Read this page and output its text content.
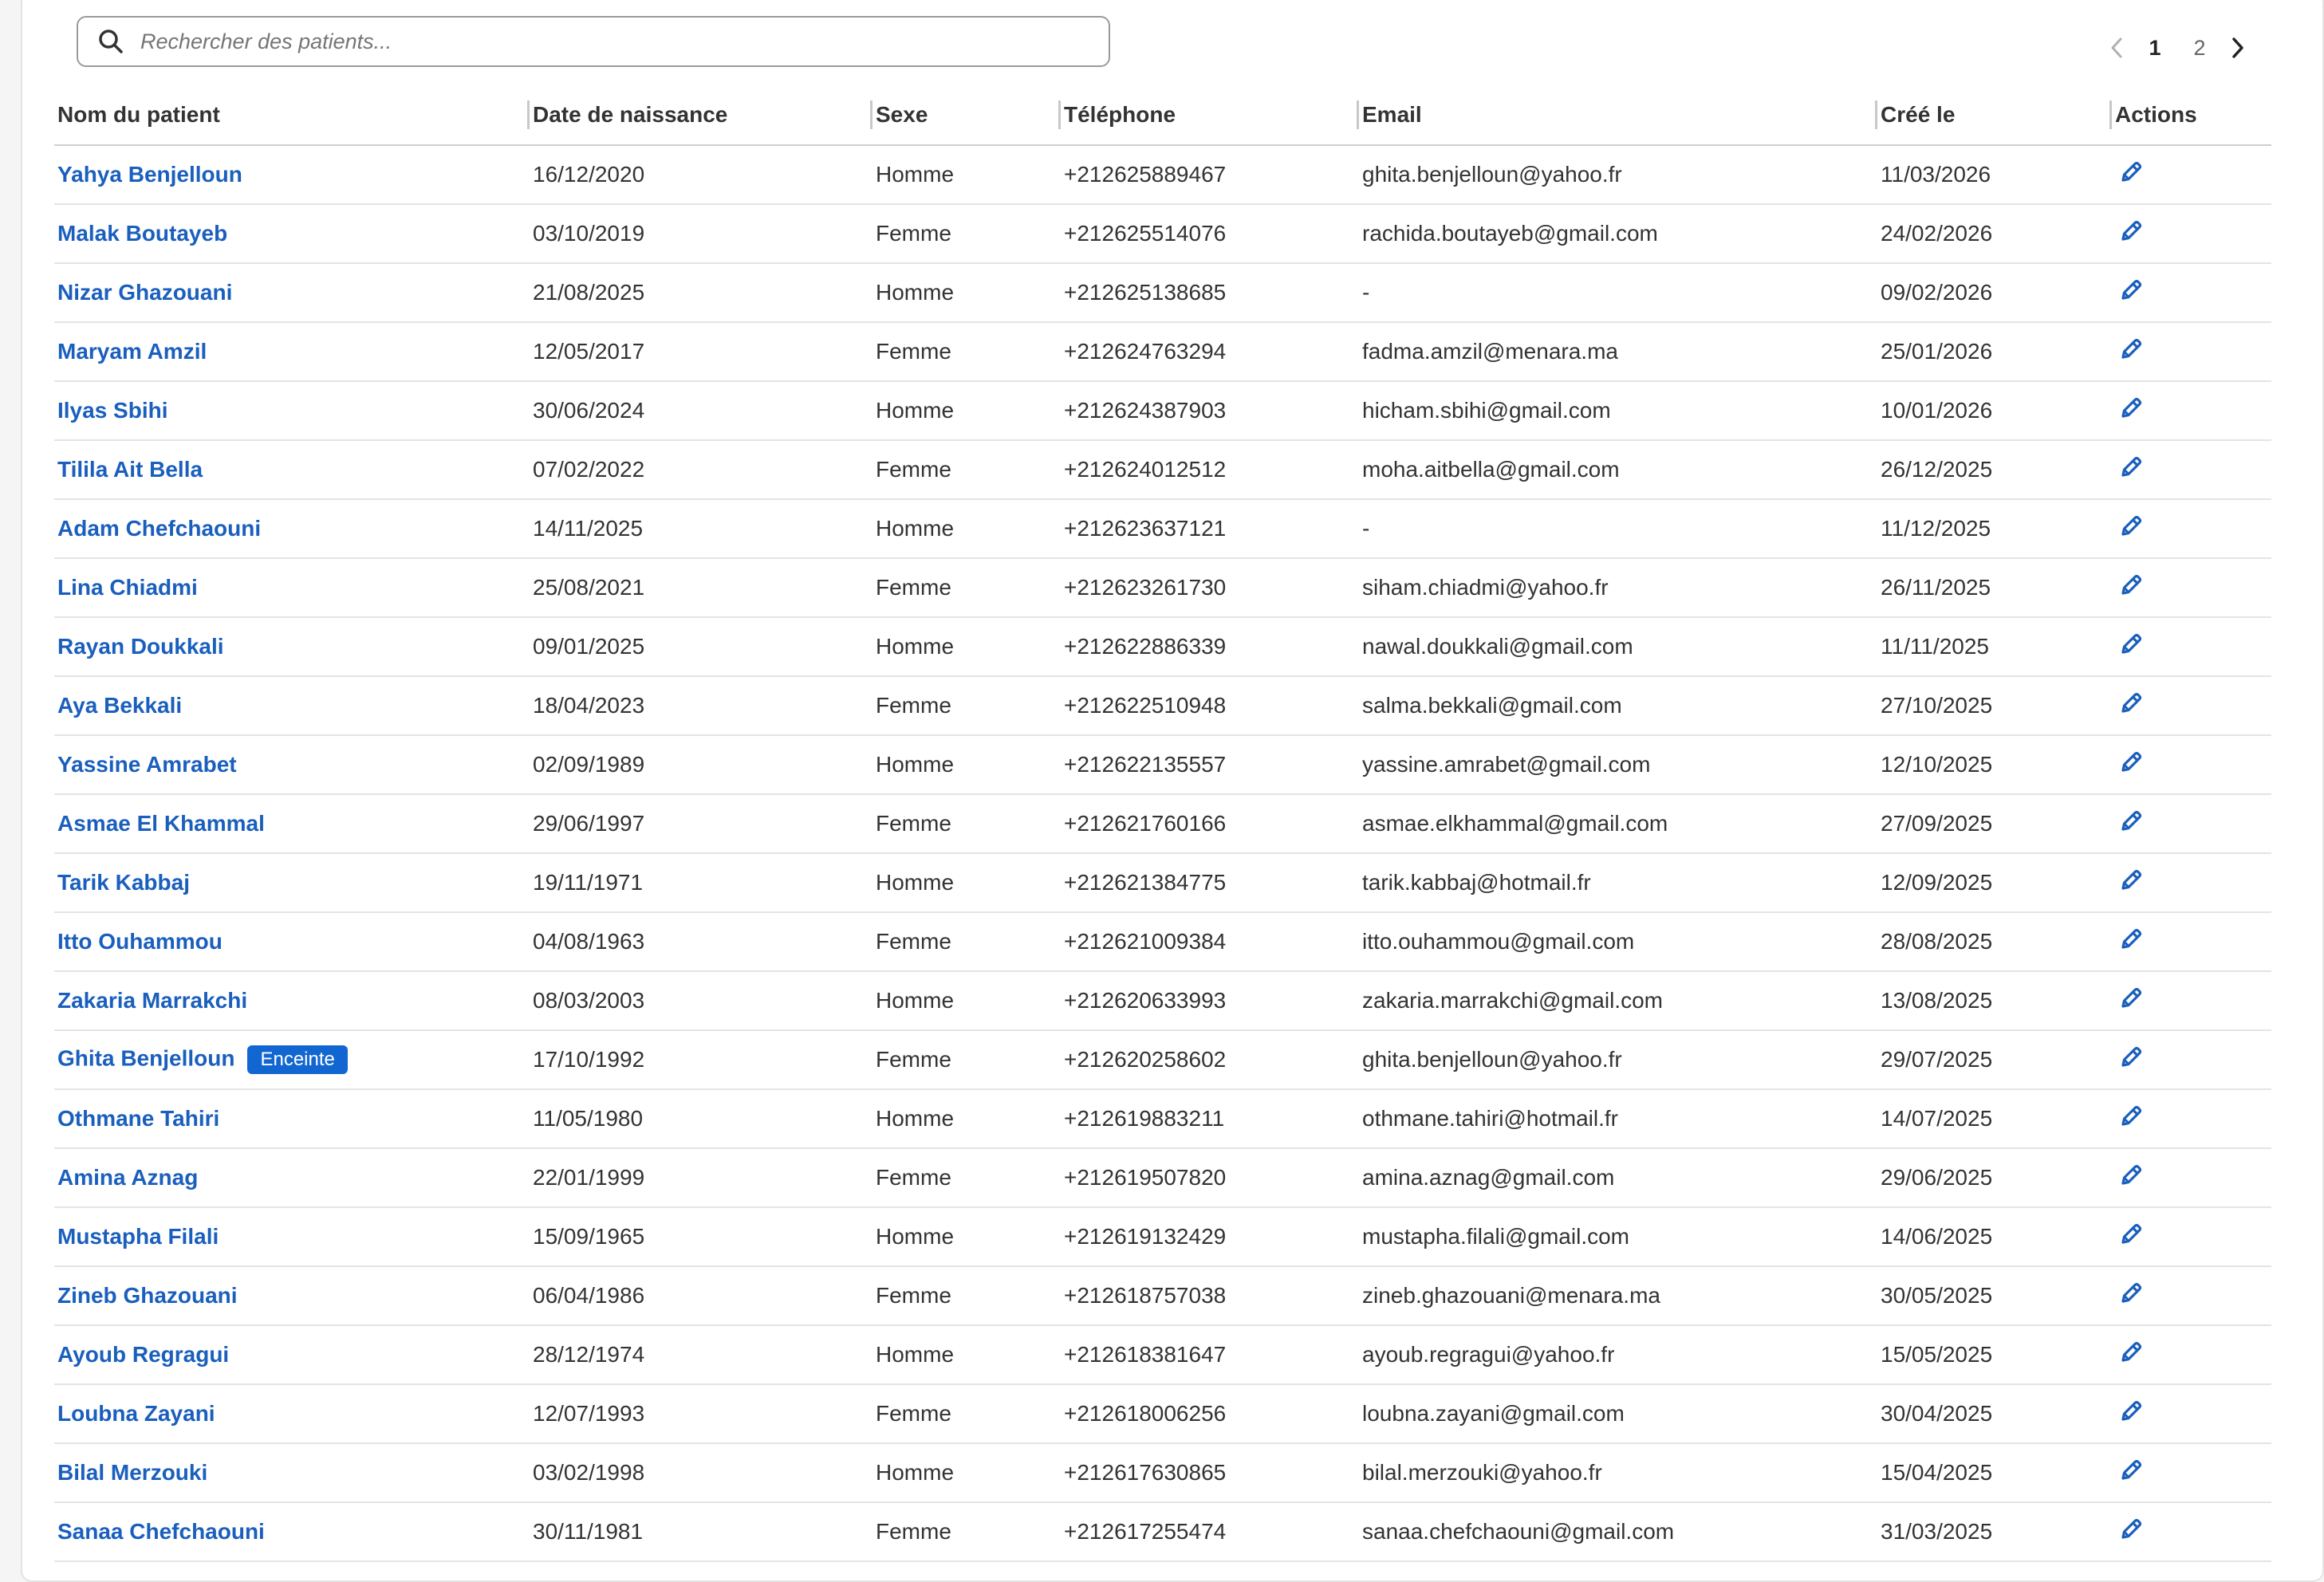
Rechercher des patients...
1	2
Nom du patient	Date de naissance	Sexe	Téléphone	Email	Créé le	Actions
Yahya Benjelloun	16/12/2020	Homme	+212625889467	ghita.benjelloun@yahoo.fr	11/03/2026	

Malak Boutayeb	03/10/2019	Femme	+212625514076	rachida.boutayeb@gmail.com	24/02/2026	

Nizar Ghazouani	21/08/2025	Homme	+212625138685	-	09/02/2026	

Maryam Amzil	12/05/2017	Femme	+212624763294	fadma.amzil@menara.ma	25/01/2026	

Ilyas Sbihi	30/06/2024	Homme	+212624387903	hicham.sbihi@gmail.com	10/01/2026	

Tilila Ait Bella	07/02/2022	Femme	+212624012512	moha.aitbella@gmail.com	26/12/2025	

Adam Chefchaouni	14/11/2025	Homme	+212623637121	-	11/12/2025	

Lina Chiadmi	25/08/2021	Femme	+212623261730	siham.chiadmi@yahoo.fr	26/11/2025	

Rayan Doukkali	09/01/2025	Homme	+212622886339	nawal.doukkali@gmail.com	11/11/2025	

Aya Bekkali	18/04/2023	Femme	+212622510948	salma.bekkali@gmail.com	27/10/2025	

Yassine Amrabet	02/09/1989	Homme	+212622135557	yassine.amrabet@gmail.com	12/10/2025	

Asmae El Khammal	29/06/1997	Femme	+212621760166	asmae.elkhammal@gmail.com	27/09/2025	

Tarik Kabbaj	19/11/1971	Homme	+212621384775	tarik.kabbaj@hotmail.fr	12/09/2025	

Itto Ouhammou	04/08/1963	Femme	+212621009384	itto.ouhammou@gmail.com	28/08/2025	

Zakaria Marrakchi	08/03/2003	Homme	+212620633993	zakaria.marrakchi@gmail.com	13/08/2025	

Ghita Benjelloun Enceinte	17/10/1992	Femme	+212620258602	ghita.benjelloun@yahoo.fr	29/07/2025	

Othmane Tahiri	11/05/1980	Homme	+212619883211	othmane.tahiri@hotmail.fr	14/07/2025	

Amina Aznag	22/01/1999	Femme	+212619507820	amina.aznag@gmail.com	29/06/2025	

Mustapha Filali	15/09/1965	Homme	+212619132429	mustapha.filali@gmail.com	14/06/2025	

Zineb Ghazouani	06/04/1986	Femme	+212618757038	zineb.ghazouani@menara.ma	30/05/2025	

Ayoub Regragui	28/12/1974	Homme	+212618381647	ayoub.regragui@yahoo.fr	15/05/2025	

Loubna Zayani	12/07/1993	Femme	+212618006256	loubna.zayani@gmail.com	30/04/2025	

Bilal Merzouki	03/02/1998	Homme	+212617630865	bilal.merzouki@yahoo.fr	15/04/2025	

Sanaa Chefchaouni	30/11/1981	Femme	+212617255474	sanaa.chefchaouni@gmail.com	31/03/2025	
